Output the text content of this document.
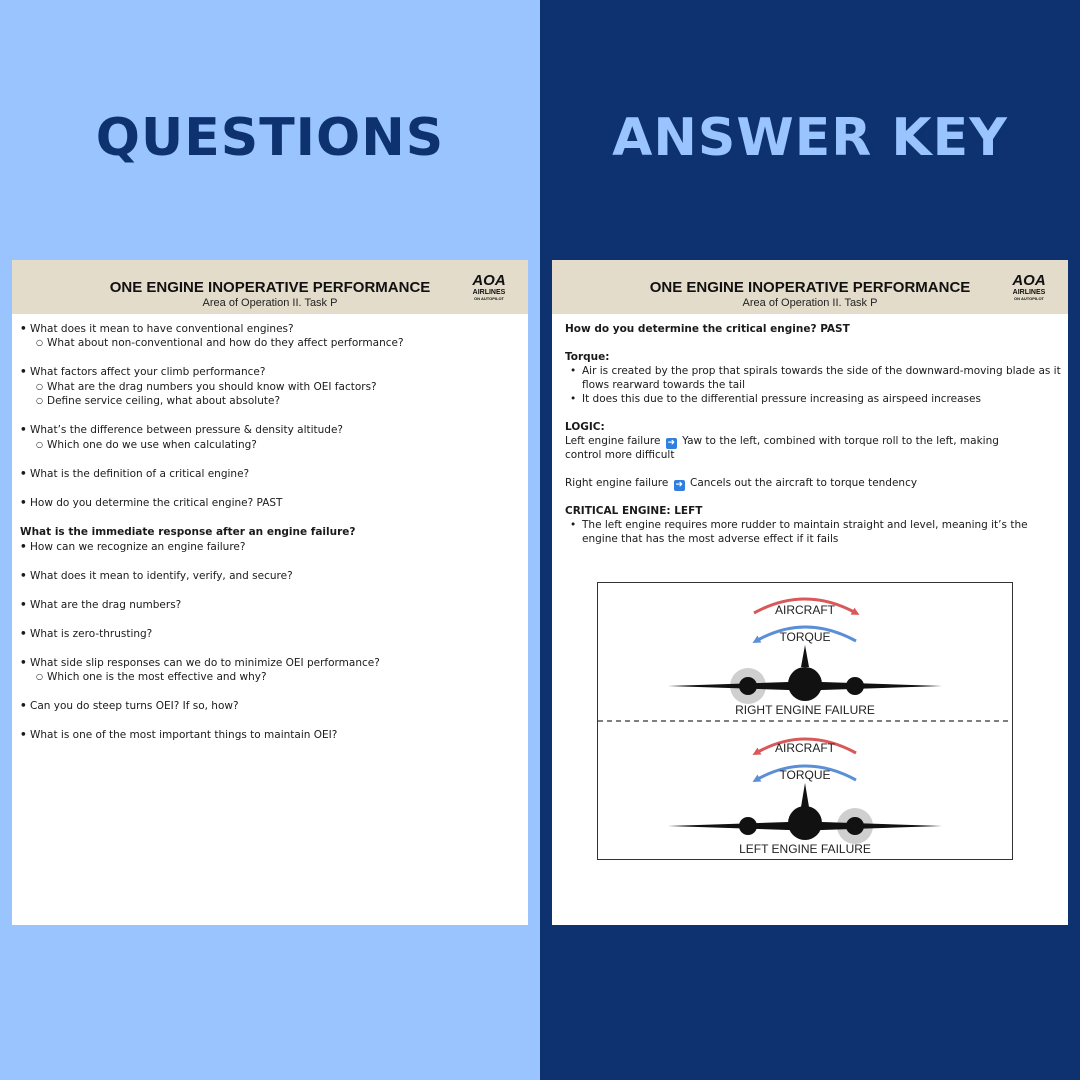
QUESTIONS
ONE ENGINE INOPERATIVE PERFORMANCE
Area of Operation II. Task P
AOA
AIRLINES
ON AUTOPILOT
• What does it mean to have conventional engines?
○ What about non-conventional and how do they affect performance?
• What factors affect your climb performance?
○ What are the drag numbers you should know with OEI factors?
○ Define service ceiling, what about absolute?
• What’s the difference between pressure & density altitude?
○ Which one do we use when calculating?
• What is the definition of a critical engine?
• How do you determine the critical engine? PAST
What is the immediate response after an engine failure?
• How can we recognize an engine failure?
• What does it mean to identify, verify, and secure?
• What are the drag numbers?
• What is zero-thrusting?
• What side slip responses can we do to minimize OEI performance?
○ Which one is the most effective and why?
• Can you do steep turns OEI? If so, how?
• What is one of the most important things to maintain OEI?
ANSWER KEY
ONE ENGINE INOPERATIVE PERFORMANCE
Area of Operation II. Task P
AOA
AIRLINES
ON AUTOPILOT
How do you determine the critical engine? PAST
Torque:
• Air is created by the prop that spirals towards the side of the downward-moving blade as it flows rearward towards the tail
• It does this due to the differential pressure increasing as airspeed increases
LOGIC:
Left engine failure ➜ Yaw to the left, combined with torque roll to the left, making
control more difficult
Right engine failure ➜ Cancels out the aircraft to torque tendency
CRITICAL ENGINE: LEFT
• The left engine requires more rudder to maintain straight and level, meaning it’s the engine that has the most adverse effect if it fails
AIRCRAFT
TORQUE
RIGHT ENGINE FAILURE
AIRCRAFT
TORQUE
LEFT ENGINE FAILURE
